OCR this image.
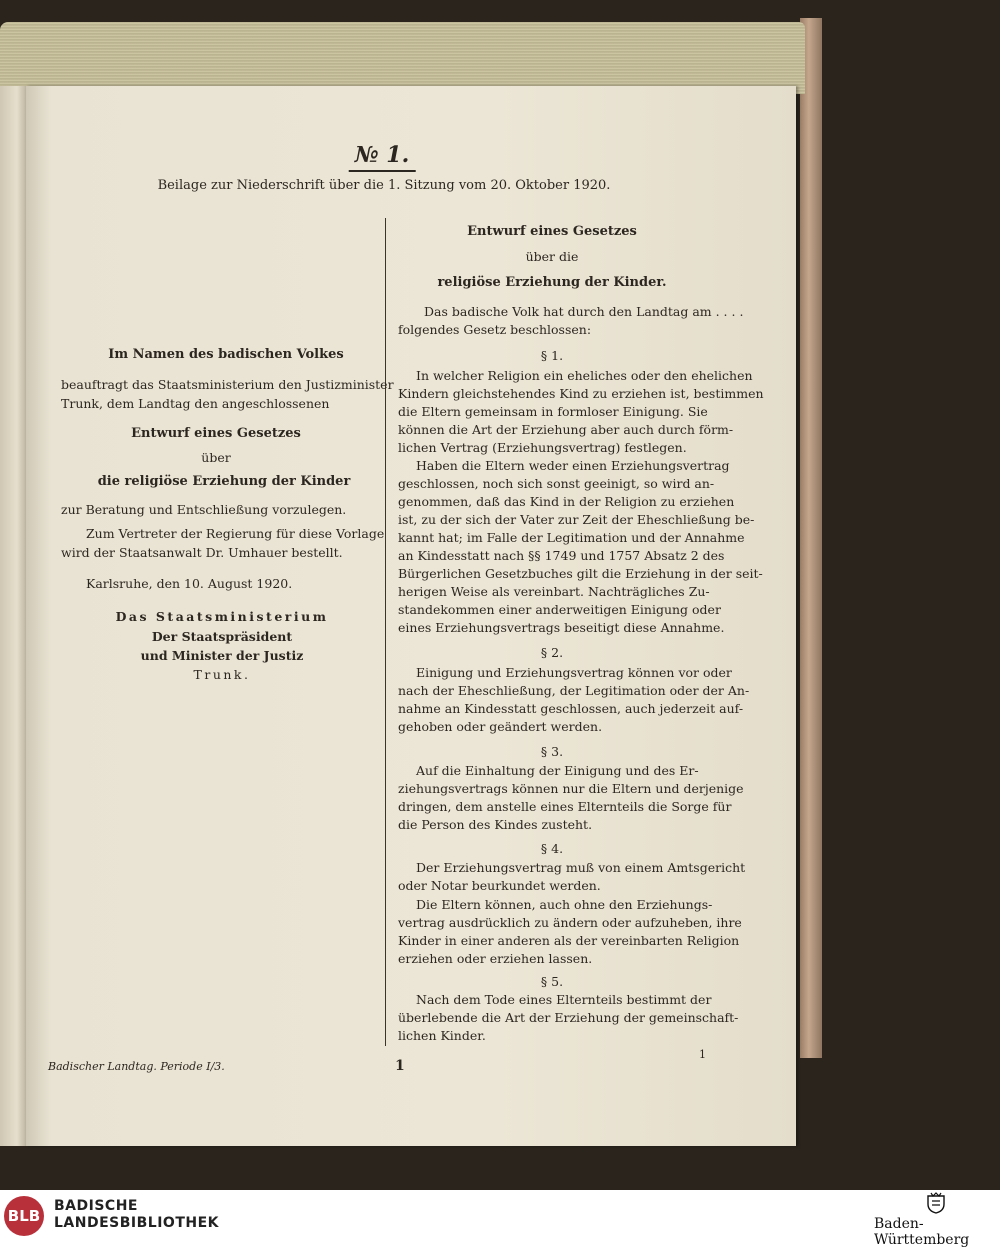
№ 1.
Beilage zur Niederschrift über die 1. Sitzung vom 20. Oktober 1920.
Im Namen des badischen Volkes
beauftragt das Staatsministerium den Justizminister
Trunk, dem Landtag den angeschlossenen
Entwurf eines Gesetzes
über
die religiöse Erziehung der Kinder
zur Beratung und Entschließung vorzulegen.
Zum Vertreter der Regierung für diese Vorlage
wird der Staatsanwalt Dr. Umhauer bestellt.
Karlsruhe, den 10. August 1920.
Das Staatsministerium
Der Staatspräsident
und Minister der Justiz
Trunk.
Entwurf eines Gesetzes
über die
religiöse Erziehung der Kinder.
Das badische Volk hat durch den Landtag am . . . .
folgendes Gesetz beschlossen:
§ 1.
In welcher Religion ein eheliches oder den ehelichen
Kindern gleichstehendes Kind zu erziehen ist, bestimmen
die Eltern gemeinsam in formloser Einigung. Sie
können die Art der Erziehung aber auch durch förm-
lichen Vertrag (Erziehungsvertrag) festlegen.
Haben die Eltern weder einen Erziehungsvertrag
geschlossen, noch sich sonst geeinigt, so wird an-
genommen, daß das Kind in der Religion zu erziehen
ist, zu der sich der Vater zur Zeit der Eheschließung be-
kannt hat; im Falle der Legitimation und der Annahme
an Kindesstatt nach §§ 1749 und 1757 Absatz 2 des
Bürgerlichen Gesetzbuches gilt die Erziehung in der seit-
herigen Weise als vereinbart. Nachträgliches Zu-
standekommen einer anderweitigen Einigung oder
eines Erziehungsvertrags beseitigt diese Annahme.
§ 2.
Einigung und Erziehungsvertrag können vor oder
nach der Eheschließung, der Legitimation oder der An-
nahme an Kindesstatt geschlossen, auch jederzeit auf-
gehoben oder geändert werden.
§ 3.
Auf die Einhaltung der Einigung und des Er-
ziehungsvertrags können nur die Eltern und derjenige
dringen, dem anstelle eines Elternteils die Sorge für
die Person des Kindes zusteht.
§ 4.
Der Erziehungsvertrag muß von einem Amtsgericht
oder Notar beurkundet werden.
Die Eltern können, auch ohne den Erziehungs-
vertrag ausdrücklich zu ändern oder aufzuheben, ihre
Kinder in einer anderen als der vereinbarten Religion
erziehen oder erziehen lassen.
§ 5.
Nach dem Tode eines Elternteils bestimmt der
überlebende die Art der Erziehung der gemeinschaft-
lichen Kinder.
Badischer Landtag. Periode I/3.	1
1
BLB
BADISCHE
LANDESBIBLIOTHEK	Baden-Württemberg
